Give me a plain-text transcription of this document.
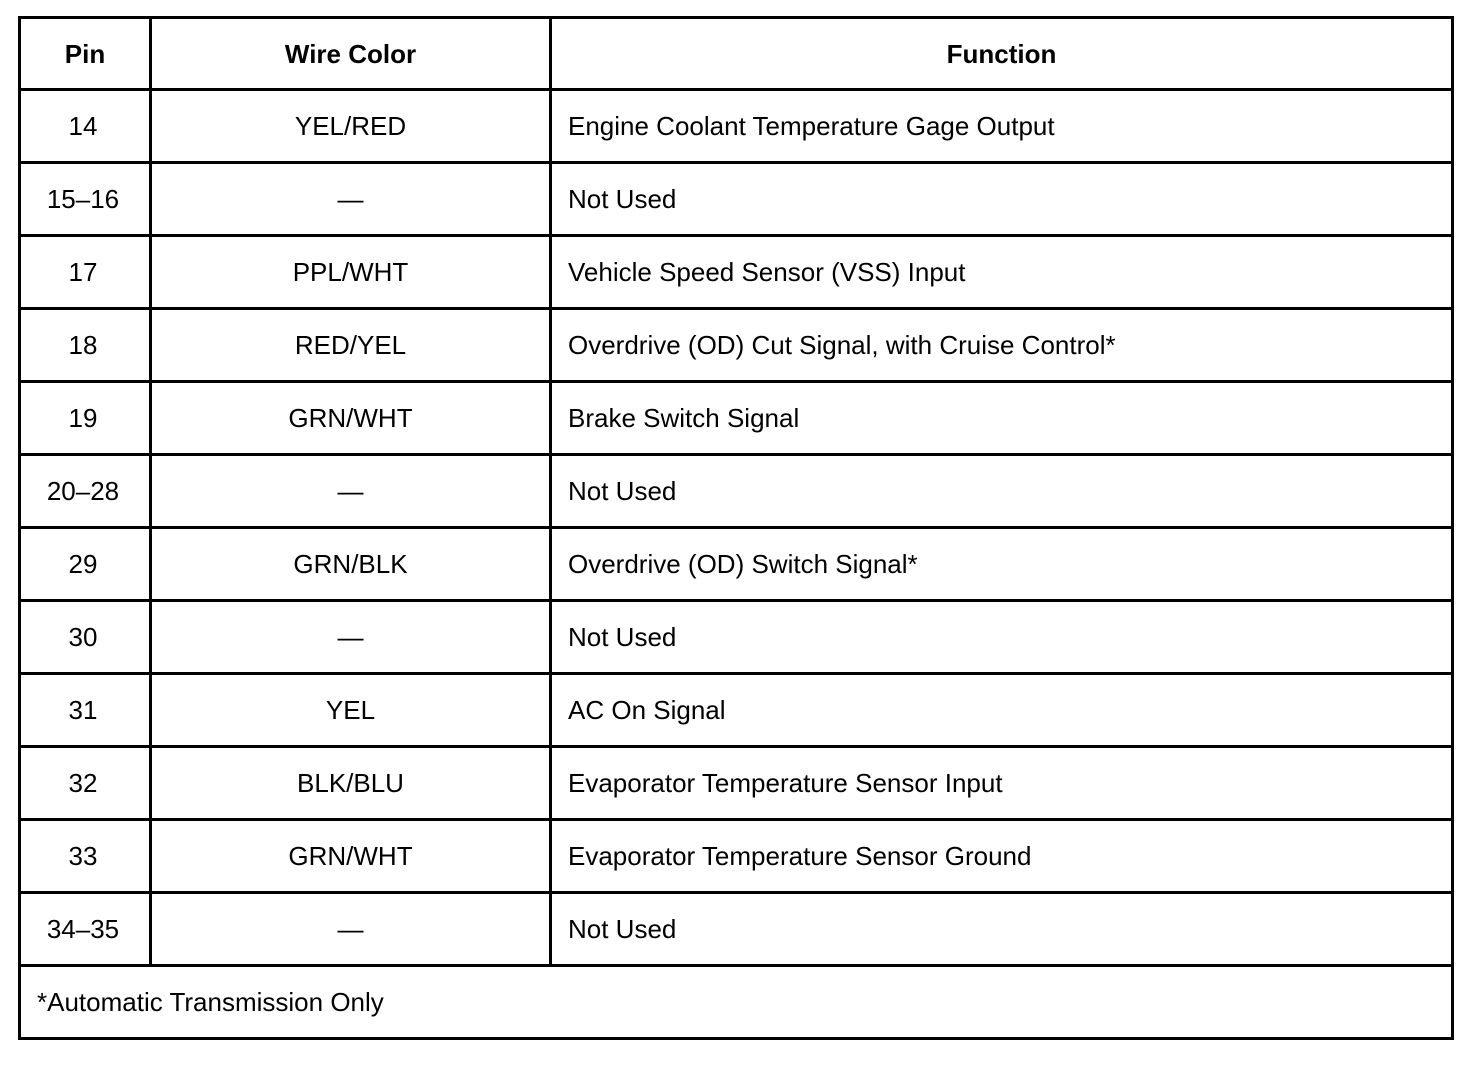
Pin	Wire Color	Function
14	YEL/RED	Engine Coolant Temperature Gage Output
15–16	—	Not Used
17	PPL/WHT	Vehicle Speed Sensor (VSS) Input
18	RED/YEL	Overdrive (OD) Cut Signal, with Cruise Control*
19	GRN/WHT	Brake Switch Signal
20–28	—	Not Used
29	GRN/BLK	Overdrive (OD) Switch Signal*
30	—	Not Used
31	YEL	AC On Signal
32	BLK/BLU	Evaporator Temperature Sensor Input
33	GRN/WHT	Evaporator Temperature Sensor Ground
34–35	—	Not Used
*Automatic Transmission Only		
